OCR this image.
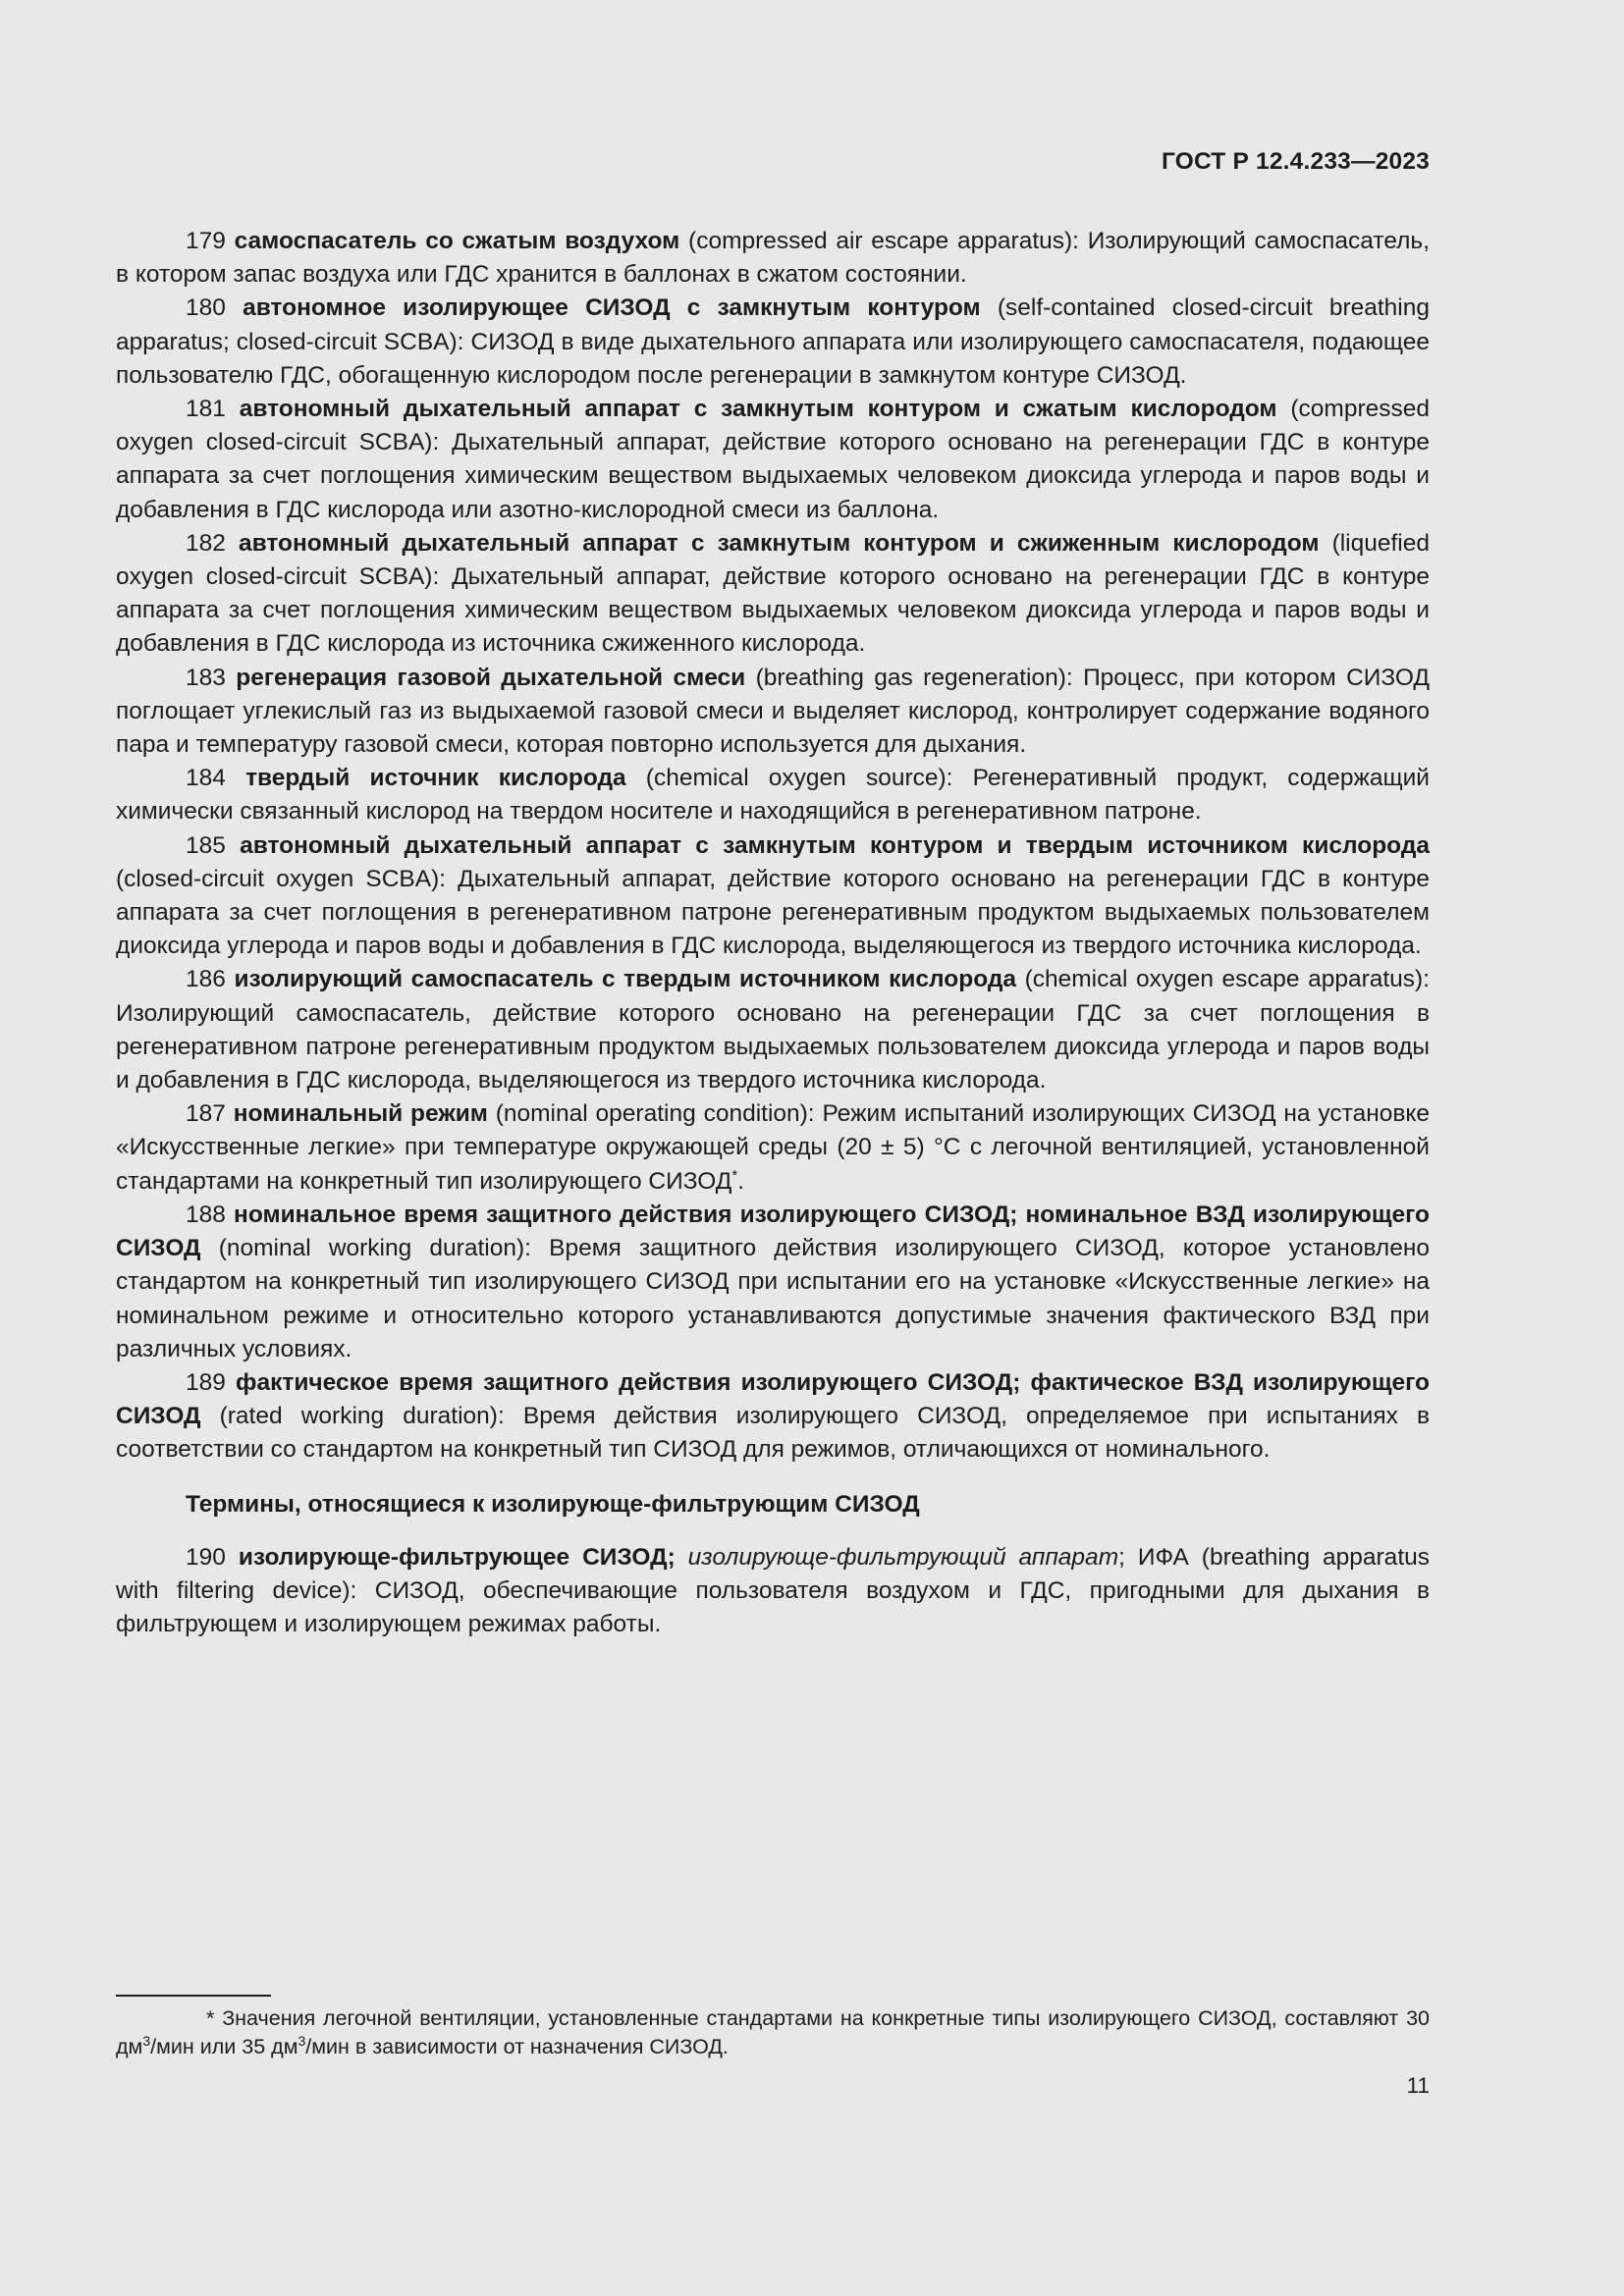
ГОСТ Р 12.4.233—2023

179 самоспасатель со сжатым воздухом (compressed air escape apparatus): Изолирующий самоспасатель, в котором запас воздуха или ГДС хранится в баллонах в сжатом состоянии.

180 автономное изолирующее СИЗОД с замкнутым контуром (self-contained closed-circuit breathing apparatus; closed-circuit SCBA): СИЗОД в виде дыхательного аппарата или изолирующего самоспасателя, подающее пользователю ГДС, обогащенную кислородом после регенерации в замкнутом контуре СИЗОД.

181 автономный дыхательный аппарат с замкнутым контуром и сжатым кислородом (compressed oxygen closed-circuit SCBA): Дыхательный аппарат, действие которого основано на регенерации ГДС в контуре аппарата за счет поглощения химическим веществом выдыхаемых человеком диоксида углерода и паров воды и добавления в ГДС кислорода или азотно-кислородной смеси из баллона.

182 автономный дыхательный аппарат с замкнутым контуром и сжиженным кислородом (liquefied oxygen closed-circuit SCBA): Дыхательный аппарат, действие которого основано на регенерации ГДС в контуре аппарата за счет поглощения химическим веществом выдыхаемых человеком диоксида углерода и паров воды и добавления в ГДС кислорода из источника сжиженного кислорода.

183 регенерация газовой дыхательной смеси (breathing gas regeneration): Процесс, при котором СИЗОД поглощает углекислый газ из выдыхаемой газовой смеси и выделяет кислород, контролирует содержание водяного пара и температуру газовой смеси, которая повторно используется для дыхания.

184 твердый источник кислорода (chemical oxygen source): Регенеративный продукт, содержащий химически связанный кислород на твердом носителе и находящийся в регенеративном патроне.

185 автономный дыхательный аппарат с замкнутым контуром и твердым источником кислорода (closed-circuit oxygen SCBA): Дыхательный аппарат, действие которого основано на регенерации ГДС в контуре аппарата за счет поглощения в регенеративном патроне регенеративным продуктом выдыхаемых пользователем диоксида углерода и паров воды и добавления в ГДС кислорода, выделяющегося из твердого источника кислорода.

186 изолирующий самоспасатель с твердым источником кислорода (chemical oxygen escape apparatus): Изолирующий самоспасатель, действие которого основано на регенерации ГДС за счет поглощения в регенеративном патроне регенеративным продуктом выдыхаемых пользователем диоксида углерода и паров воды и добавления в ГДС кислорода, выделяющегося из твердого источника кислорода.

187 номинальный режим (nominal operating condition): Режим испытаний изолирующих СИЗОД на установке «Искусственные легкие» при температуре окружающей среды (20 ± 5) °С с легочной вентиляцией, установленной стандартами на конкретный тип изолирующего СИЗОД*.

188 номинальное время защитного действия изолирующего СИЗОД; номинальное ВЗД изолирующего СИЗОД (nominal working duration): Время защитного действия изолирующего СИЗОД, которое установлено стандартом на конкретный тип изолирующего СИЗОД при испытании его на установке «Искусственные легкие» на номинальном режиме и относительно которого устанавливаются допустимые значения фактического ВЗД при различных условиях.

189 фактическое время защитного действия изолирующего СИЗОД; фактическое ВЗД изолирующего СИЗОД (rated working duration): Время действия изолирующего СИЗОД, определяемое при испытаниях в соответствии со стандартом на конкретный тип СИЗОД для режимов, отличающихся от номинального.

Термины, относящиеся к изолирующе-фильтрующим СИЗОД

190 изолирующе-фильтрующее СИЗОД; изолирующе-фильтрующий аппарат; ИФА (breathing apparatus with filtering device): СИЗОД, обеспечивающие пользователя воздухом и ГДС, пригодными для дыхания в фильтрующем и изолирующем режимах работы.

* Значения легочной вентиляции, установленные стандартами на конкретные типы изолирующего СИЗОД, составляют 30 $дм^3$/мин или 35 $дм^3$/мин в зависимости от назначения СИЗОД.

11
